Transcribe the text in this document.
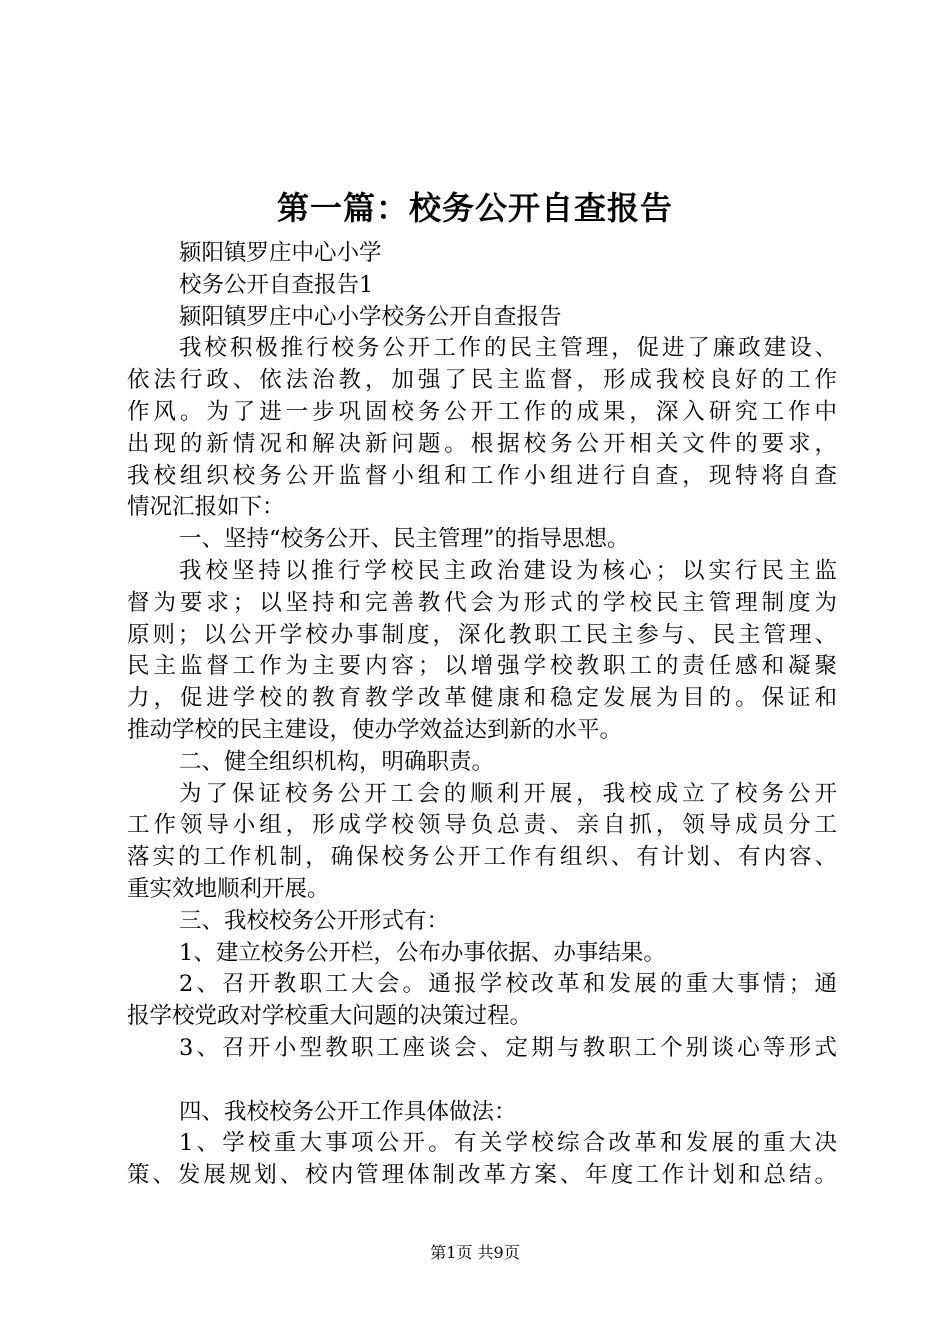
第一篇：校务公开自查报告
颍阳镇罗庄中心小学
校务公开自查报告1
颍阳镇罗庄中心小学校务公开自查报告
我校积极推行校务公开工作的民主管理，促进了廉政建设、
依法行政、依法治教，加强了民主监督，形成我校良好的工作
作风。为了进一步巩固校务公开工作的成果，深入研究工作中
出现的新情况和解决新问题。根据校务公开相关文件的要求，
我校组织校务公开监督小组和工作小组进行自查，现特将自查
情况汇报如下：
一、坚持“校务公开、民主管理”的指导思想。
我校坚持以推行学校民主政治建设为核心；以实行民主监
督为要求；以坚持和完善教代会为形式的学校民主管理制度为
原则；以公开学校办事制度，深化教职工民主参与、民主管理、
民主监督工作为主要内容；以增强学校教职工的责任感和凝聚
力，促进学校的教育教学改革健康和稳定发展为目的。保证和
推动学校的民主建设，使办学效益达到新的水平。
二、健全组织机构，明确职责。
为了保证校务公开工会的顺利开展，我校成立了校务公开
工作领导小组，形成学校领导负总责、亲自抓，领导成员分工
落实的工作机制，确保校务公开工作有组织、有计划、有内容、
重实效地顺利开展。
三、我校校务公开形式有：
1、建立校务公开栏，公布办事依据、办事结果。
2、召开教职工大会。通报学校改革和发展的重大事情；通
报学校党政对学校重大问题的决策过程。
3、召开小型教职工座谈会、定期与教职工个别谈心等形式
四、我校校务公开工作具体做法：
1、学校重大事项公开。有关学校综合改革和发展的重大决
策、发展规划、校内管理体制改革方案、年度工作计划和总结。
第1页 共9页
